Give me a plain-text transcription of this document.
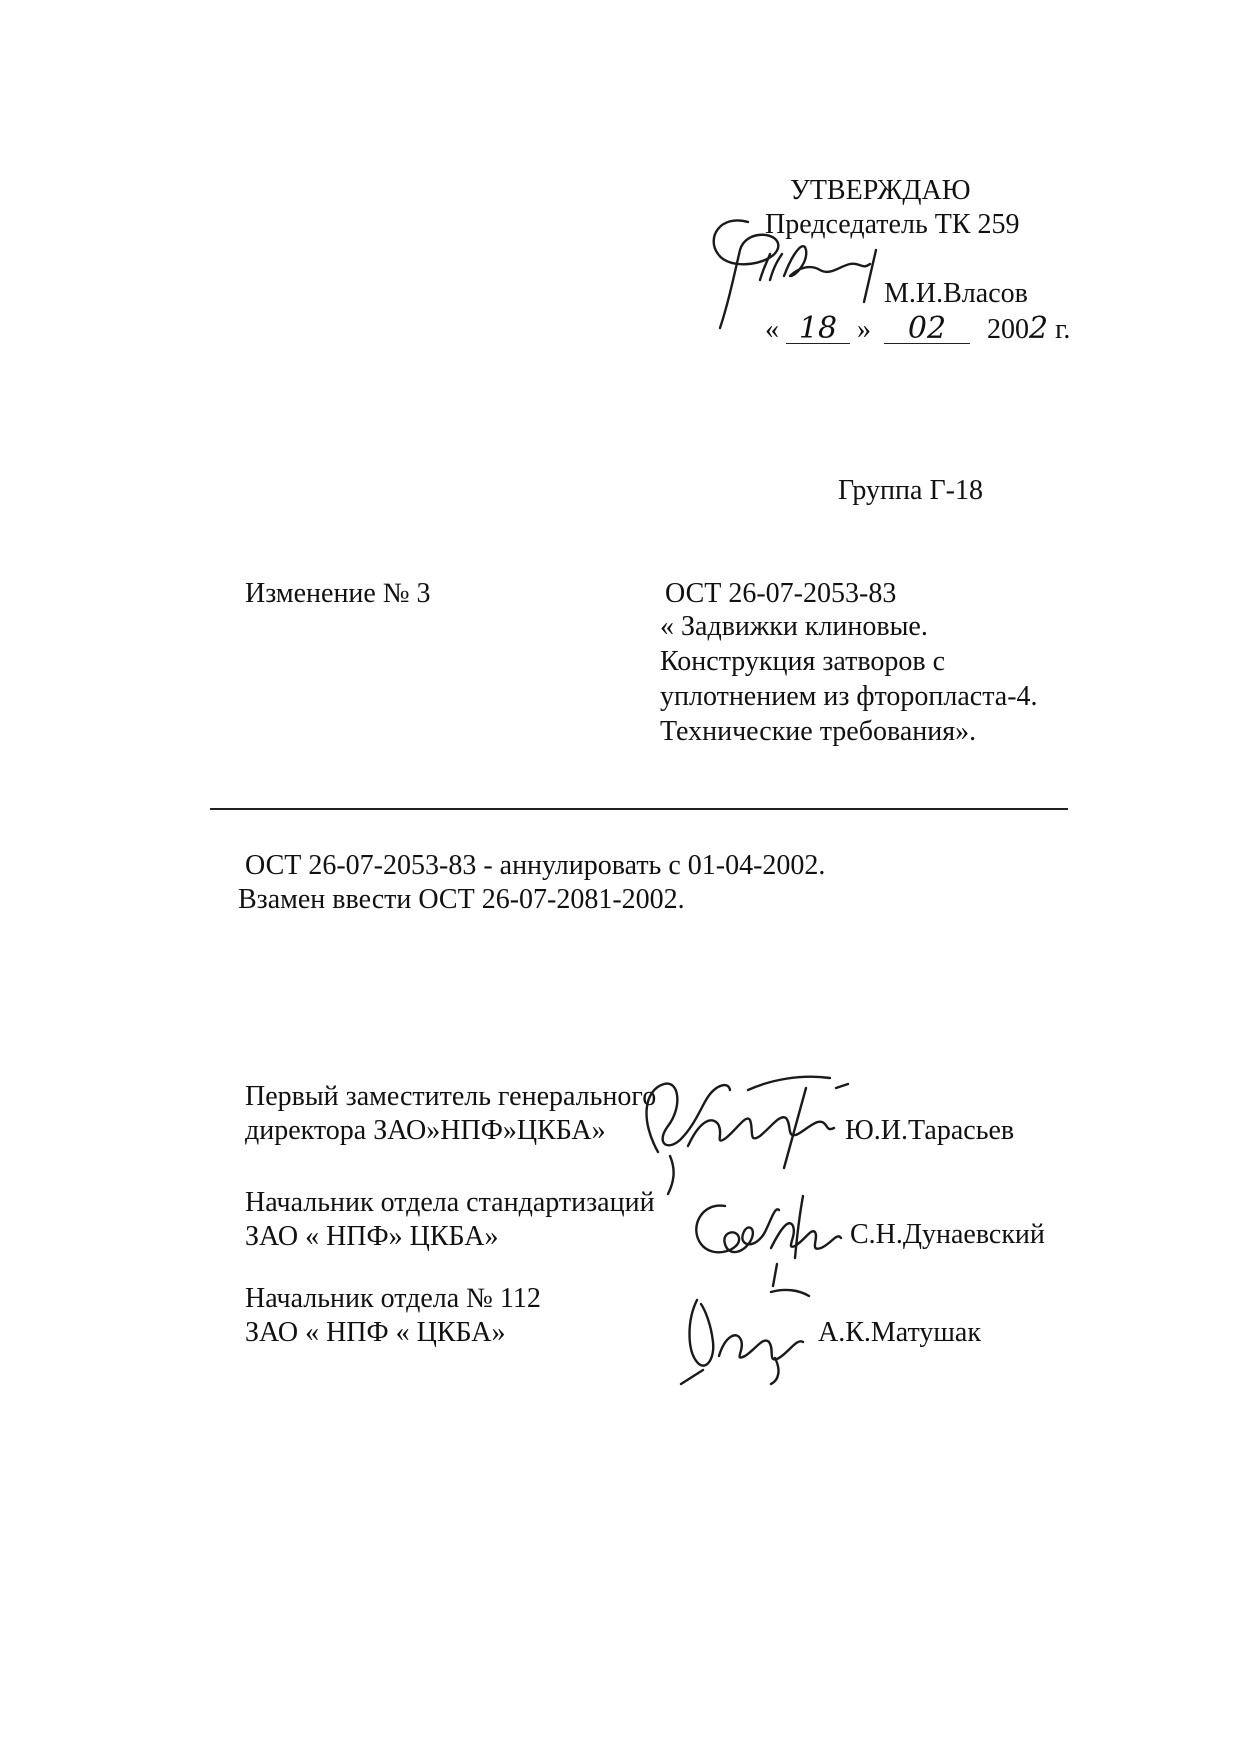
УТВЕРЖДАЮ
Председатель ТК 259
М.И.Власов
« 18 » 02 2002 г.
Группа Г-18
Изменение № 3	ОСТ 26-07-2053-83
« Задвижки клиновые.
Конструкция затворов с
уплотнением из фторопласта-4.
Технические требования».
ОСТ 26-07-2053-83 - аннулировать с 01-04-2002.
Взамен ввести ОСТ 26-07-2081-2002.
Первый заместитель генерального
директора ЗАО»НПФ»ЦКБА»	Ю.И.Тарасьев
Начальник отдела стандартизаций
ЗАО « НПФ» ЦКБА»	С.Н.Дунаевский
Начальник отдела № 112
ЗАО « НПФ « ЦКБА»	А.К.Матушак
